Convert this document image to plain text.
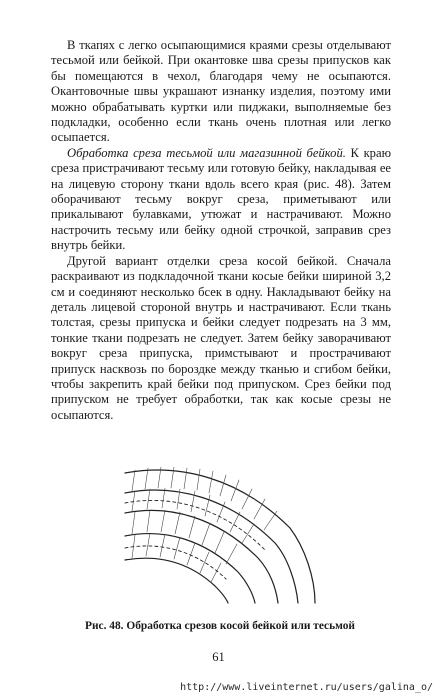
В ткапях с легко осыпающимися краями срезы отделывают тесьмой или бейкой. При окантовке шва срезы припусков как бы помещаются в чехол, благодаря чему не осыпаются. Окантовочные швы украшают изнанку изделия, поэтому ими можно обрабатывать куртки или пиджаки, выполняемые без подкладки, особенно если ткань очень плотная или легко осыпается.

Обработка среза тесьмой или магазинной бейкой. К краю среза пристрачивают тесьму или готовую бейку, накладывая ее на лицевую сторону ткани вдоль всего края (рис. 48). Затем оборачивают тесьму вокруг среза, приметывают или прикалывают булавками, утюжат и настрачивают. Можно настрочить тесьму или бейку одной строчкой, заправив срез внутрь бейки.

Другой вариант отделки среза косой бейкой. Сначала раскраивают из подкладочной ткани косые бейки шириной 3,2 см и соединяют несколько бсек в одну. Накладывают бейку на деталь лицевой стороной внутрь и настрачивают. Если ткань толстая, срезы припуска и бейки следует подрезать на 3 мм, тонкие ткани подрезать не следует. Затем бейку заворачивают вокруг среза припуска, примстывают и прострачивают припуск насквозь по бороздке между тканью и сгибом бейки, чтобы закрепить край бейки под припуском. Срез бейки под припуском не требует обработки, так как косые срезы не осыпаются.

Рис. 48. Обработка срезов косой бейкой или тесьмой
61
http://www.liveinternet.ru/users/galina_o/
